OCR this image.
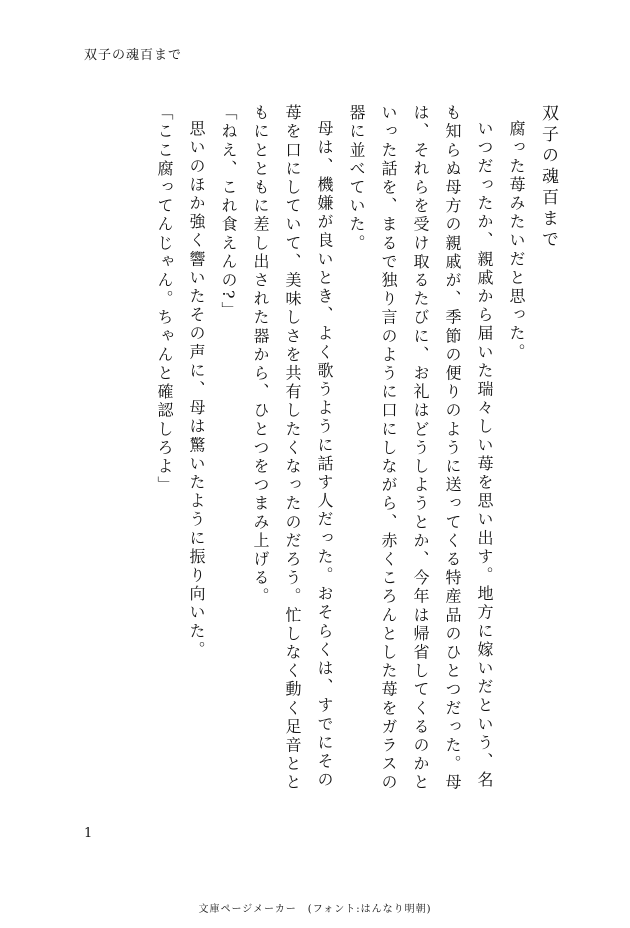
双子の魂百まで

双子の魂百まで

腐った苺みたいだと思った。

いつだったか、親戚から届いた瑞々しい苺を思い出す。地方に嫁いだという、名も知らぬ母方の親戚が、季節の便りのように送ってくる特産品のひとつだった。母は、それらを受け取るたびに、お礼はどうしようとか、今年は帰省してくるのかといった話を、まるで独り言のように口にしながら、赤くころんとした苺をガラスの器に並べていた。

母は、機嫌が良いとき、よく歌うように話す人だった。おそらくは、すでにその苺を口にしていて、美味しさを共有したくなったのだろう。忙しなく動く足音とともにとともに差し出された器から、ひとつをつまみ上げる。

「ねえ、これ食えんの?」

思いのほか強く響いたその声に、母は驚いたように振り向いた。

「ここ腐ってんじゃん。ちゃんと確認しろよ」

1
文庫ページメーカー　(フォント:はんなり明朝)
